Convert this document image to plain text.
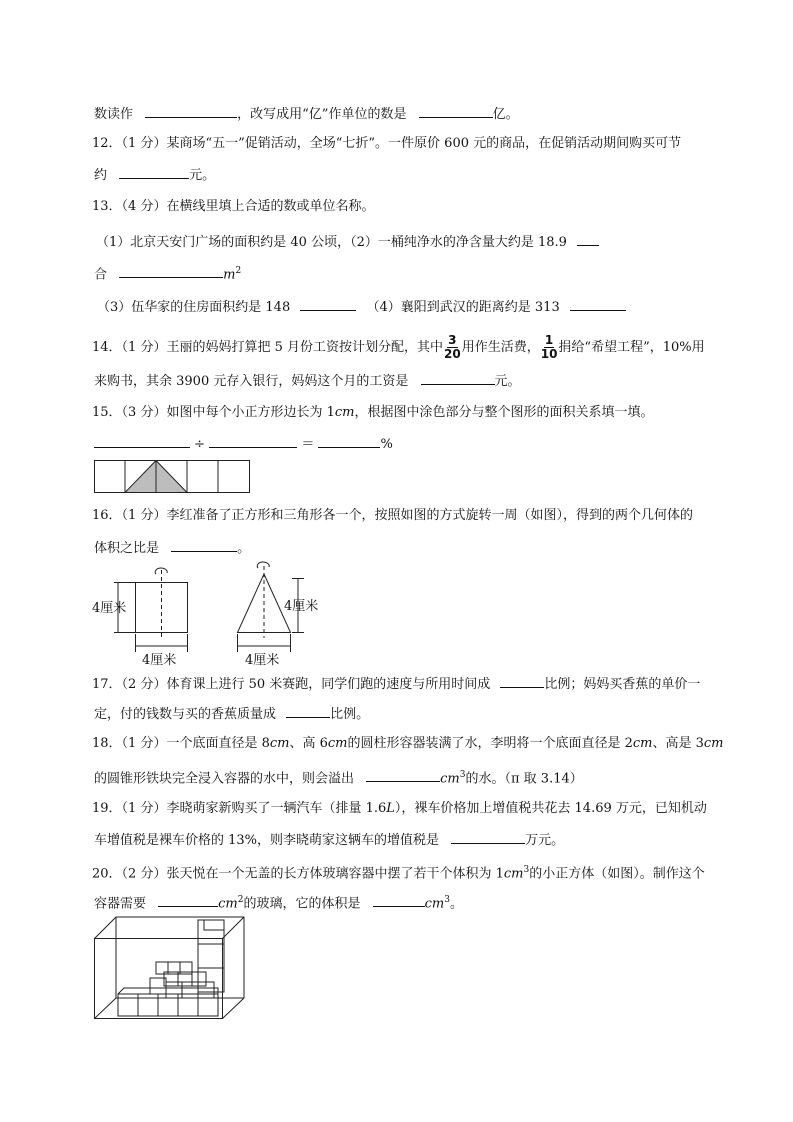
数读作	，改写成用“亿”作单位的数是	亿。
12．（1 分）某商场“五一”促销活动，全场“七折”。一件原价 600 元的商品，在促销活动期间购买可节
约	元。
13．（4 分）在横线里填上合适的数或单位名称。
（1）北京天安门广场的面积约是 40 公顷，（2）一桶纯净水的净含量大约是 18.9
合	$m^2$
（3）伍华家的住房面积约是 148	（4）襄阳到武汉的距离约是 313
14．（1 分）王丽的妈妈打算把 5 月份工资按计划分配，其中 $\frac{3}{20}$ 用作生活费， $\frac{1}{10}$ 捐给“希望工程”，10%用
来购书，其余 3900 元存入银行，妈妈这个月的工资是	元。
15．（3 分）如图中每个小正方形边长为 1cm，根据图中涂色部分与整个图形的面积关系填一填。
÷	＝	%
16．（1 分）李红准备了正方形和三角形各一个，按照如图的方式旋转一周（如图），得到的两个几何体的
体积之比是	。
4厘米
4厘米
4厘米
4厘米
17．（2 分）体育课上进行 50 米赛跑，同学们跑的速度与所用时间成	比例；妈妈买香蕉的单价一
定，付的钱数与买的香蕉质量成	比例。
18．（1 分）一个底面直径是 8cm、高 6cm的圆柱形容器装满了水，李明将一个底面直径是 2cm、高是 3cm
的圆锥形铁块完全浸入容器的水中，则会溢出	$cm^3$的水。（π 取 3.14）
19．（1 分）李晓萌家新购买了一辆汽车（排量 1.6L），裸车价格加上增值税共花去 14.69 万元，已知机动
车增值税是裸车价格的 13%，则李晓萌家这辆车的增值税是	万元。
20．（2 分）张天悦在一个无盖的长方体玻璃容器中摆了若干个体积为 $1cm^3$的小正方体（如图）。制作这个
容器需要	$cm^2$的玻璃，它的体积是	$cm^3$。
